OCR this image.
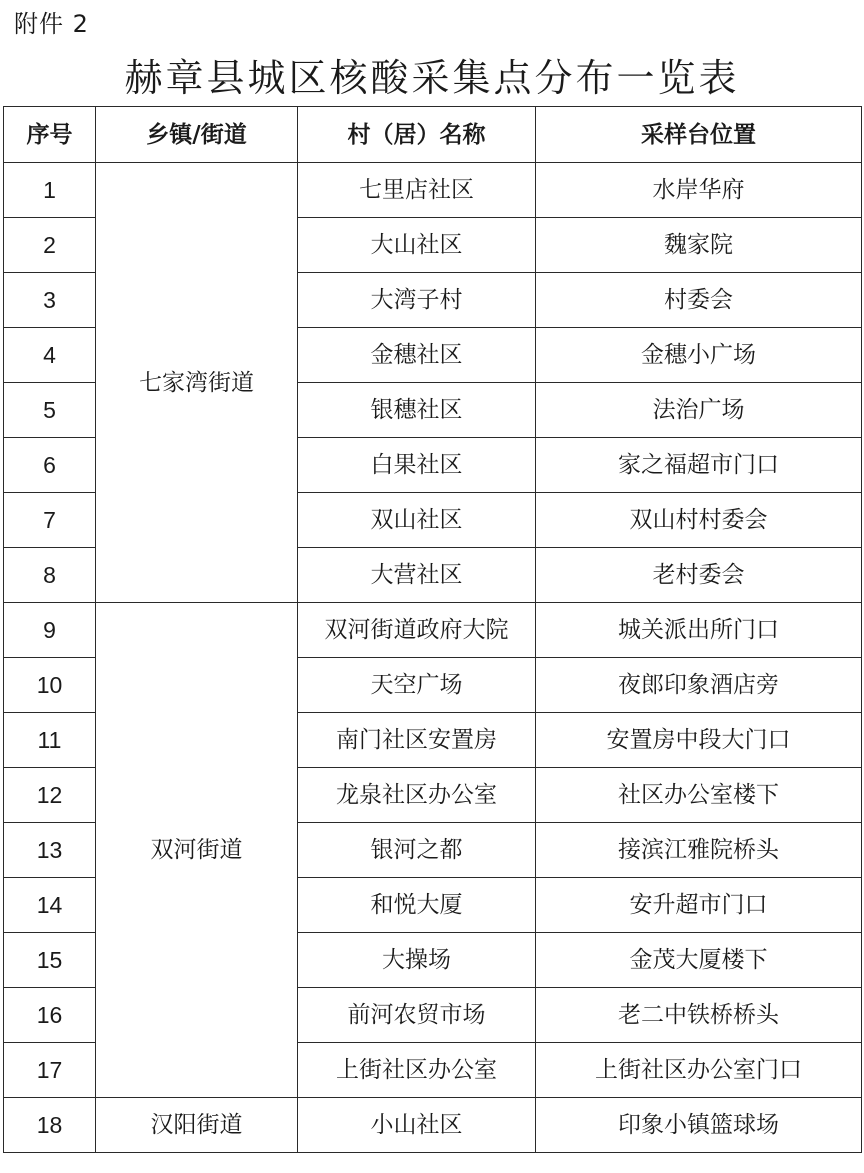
附件 2
赫章县城区核酸采集点分布一览表
序号	乡镇/街道	村（居）名称	采样台位置
1	七家湾街道	七里店社区	水岸华府
2		大山社区	魏家院
3		大湾子村	村委会
4		金穗社区	金穗小广场
5		银穗社区	法治广场
6		白果社区	家之福超市门口
7		双山社区	双山村村委会
8		大营社区	老村委会
9	双河街道	双河街道政府大院	城关派出所门口
10		天空广场	夜郎印象酒店旁
11		南门社区安置房	安置房中段大门口
12		龙泉社区办公室	社区办公室楼下
13		银河之都	接滨江雅院桥头
14		和悦大厦	安升超市门口
15		大操场	金茂大厦楼下
16		前河农贸市场	老二中铁桥桥头
17		上街社区办公室	上街社区办公室门口
18	汉阳街道	小山社区	印象小镇篮球场
